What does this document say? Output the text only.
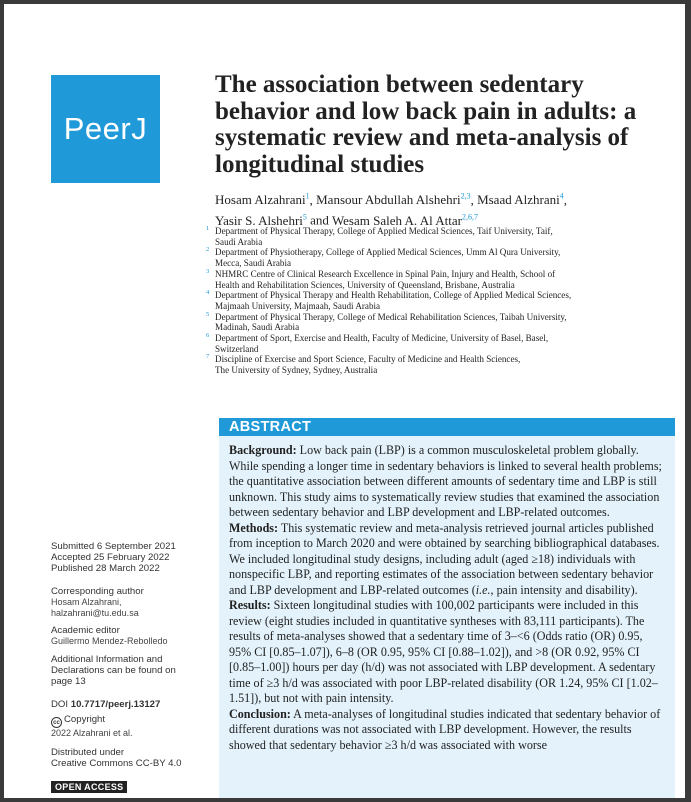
PeerJ
The association between sedentary behavior and low back pain in adults: a systematic review and meta-analysis of longitudinal studies
Hosam Alzahrani$^1$, Mansour Abdullah Alshehri$^{2,3}$, Msaad Alzhrani$^4$,
Yasir S. Alshehri$^5$ and Wesam Saleh A. Al Attar$^{2,6,7}$
1 Department of Physical Therapy, College of Applied Medical Sciences, Taif University, Taif,
Saudi Arabia
2 Department of Physiotherapy, College of Applied Medical Sciences, Umm Al Qura University,
Mecca, Saudi Arabia
3 NHMRC Centre of Clinical Research Excellence in Spinal Pain, Injury and Health, School of
Health and Rehabilitation Sciences, University of Queensland, Brisbane, Australia
4 Department of Physical Therapy and Health Rehabilitation, College of Applied Medical Sciences,
Majmaah University, Majmaah, Saudi Arabia
5 Department of Physical Therapy, College of Medical Rehabilitation Sciences, Taibah University,
Madinah, Saudi Arabia
6 Department of Sport, Exercise and Health, Faculty of Medicine, University of Basel, Basel,
Switzerland
7 Discipline of Exercise and Sport Science, Faculty of Medicine and Health Sciences,
The University of Sydney, Sydney, Australia
ABSTRACT

Background: Low back pain (LBP) is a common musculoskeletal problem globally. While spending a longer time in sedentary behaviors is linked to several health problems; the quantitative association between different amounts of sedentary time and LBP is still unknown. This study aims to systematically review studies that examined the association between sedentary behavior and LBP development and LBP-related outcomes.

Methods: This systematic review and meta-analysis retrieved journal articles published from inception to March 2020 and were obtained by searching bibliographical databases. We included longitudinal study designs, including adult (aged ≥18) individuals with nonspecific LBP, and reporting estimates of the association between sedentary behavior and LBP development and LBP-related outcomes (i.e., pain intensity and disability).

Results: Sixteen longitudinal studies with 100,002 participants were included in this review (eight studies included in quantitative syntheses with 83,111 participants). The results of meta-analyses showed that a sedentary time of 3–<6 (Odds ratio (OR) 0.95, 95% CI [0.85–1.07]), 6–8 (OR 0.95, 95% CI [0.88–1.02]), and >8 (OR 0.92, 95% CI [0.85–1.00]) hours per day (h/d) was not associated with LBP development. A sedentary time of ≥3 h/d was associated with poor LBP-related disability (OR 1.24, 95% CI [1.02–1.51]), but not with pain intensity.

Conclusion: A meta-analyses of longitudinal studies indicated that sedentary behavior of different durations was not associated with LBP development. However, the results showed that sedentary behavior ≥3 h/d was associated with worse

Submitted 6 September 2021
Accepted 25 February 2022
Published 28 March 2022
Corresponding author
Hosam Alzahrani,
halzahrani@tu.edu.sa
Academic editor
Guillermo Mendez-Rebolledo
Additional Information and Declarations can be found on page 13
DOI 10.7717/peerj.13127
cc Copyright
2022 Alzahrani et al.
Distributed under
Creative Commons CC-BY 4.0
OPEN ACCESS
